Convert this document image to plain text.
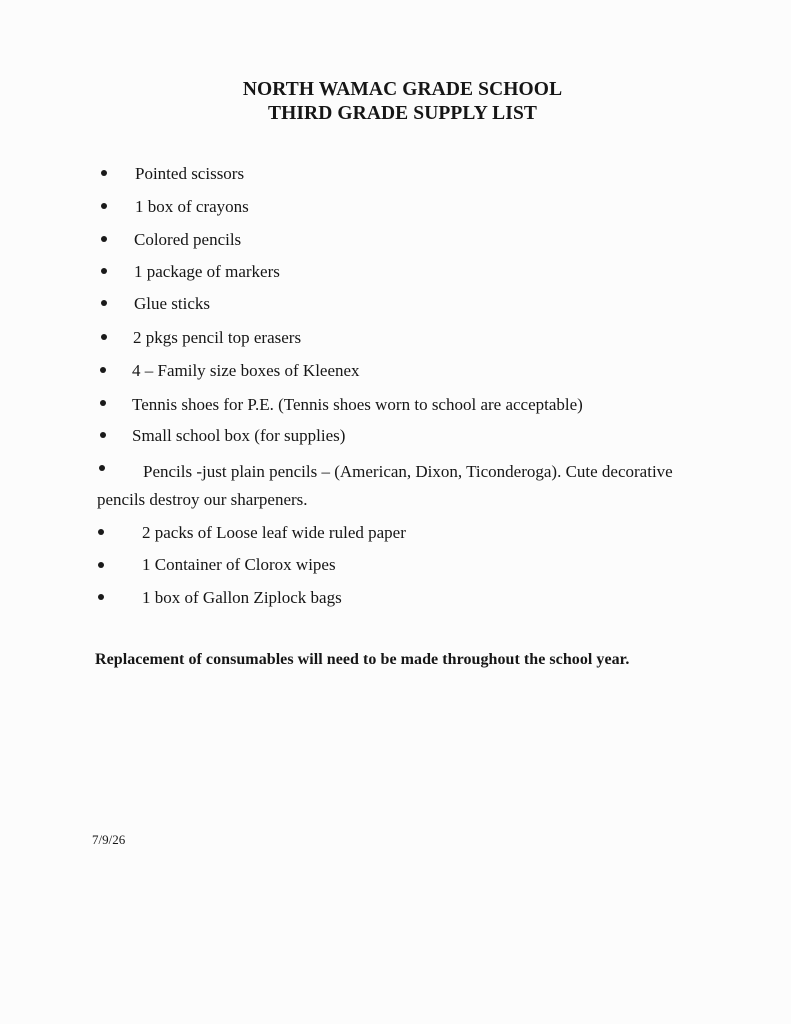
NORTH WAMAC GRADE SCHOOL
THIRD GRADE SUPPLY LIST
Pointed scissors
1 box of crayons
Colored pencils
1 package of markers
Glue sticks
2 pkgs pencil top erasers
4 – Family size boxes of Kleenex
Tennis shoes for P.E. (Tennis shoes worn to school are acceptable)
Small school box (for supplies)
Pencils -just plain pencils – (American, Dixon, Ticonderoga). Cute decorative pencils destroy our sharpeners.
2 packs of Loose leaf wide ruled paper
1 Container of Clorox wipes
1 box of Gallon Ziplock bags
Replacement of consumables will need to be made throughout the school year.
7/9/26
